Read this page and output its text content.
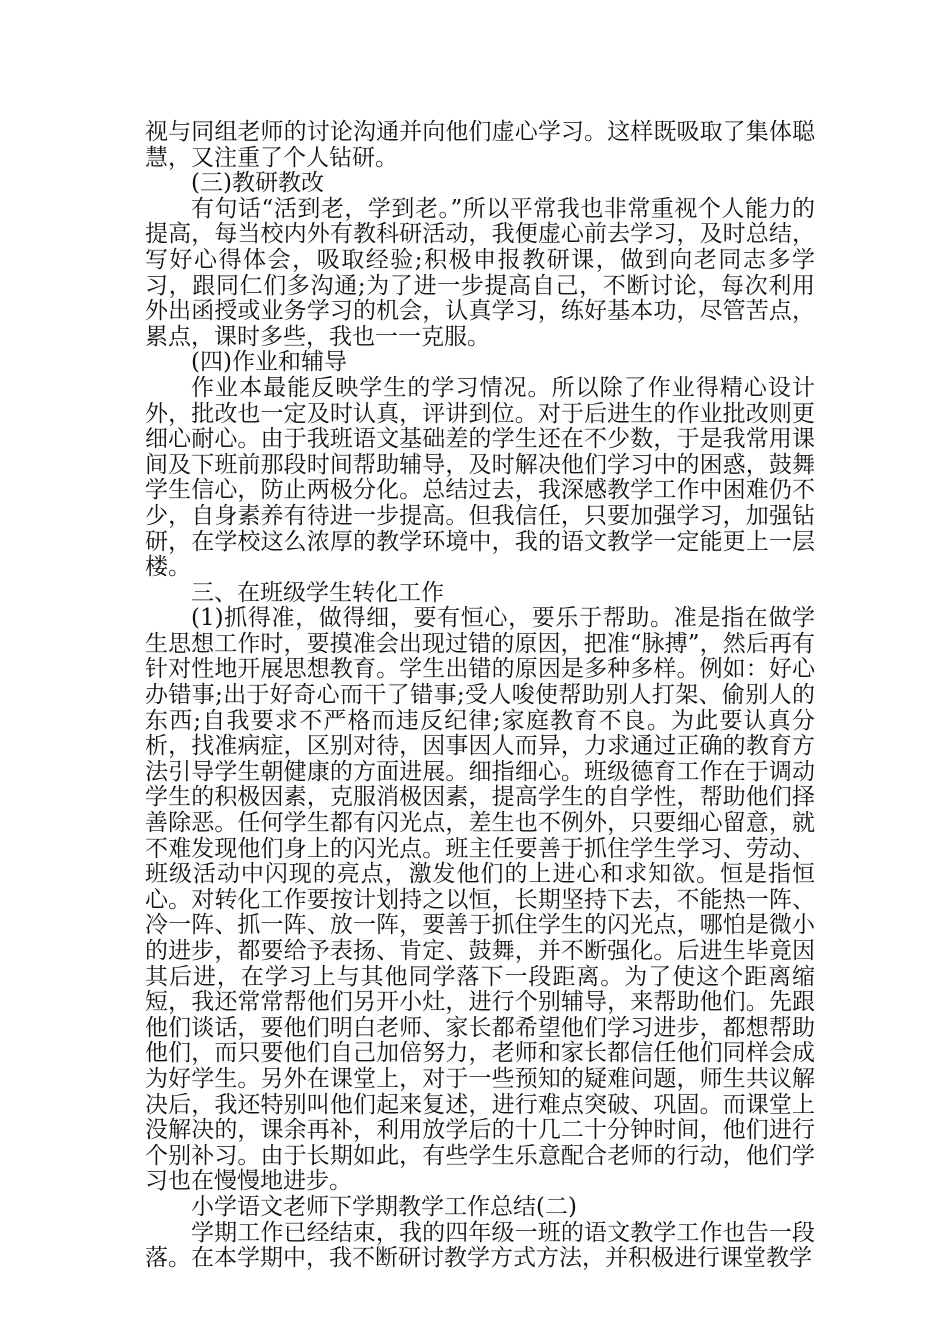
视与同组老师的讨论沟通并向他们虚心学习。这样既吸取了集体聪慧，又注重了个人钻研。

(三)教研教改

有句话“活到老，学到老。”所以平常我也非常重视个人能力的提高，每当校内外有教科研活动，我便虚心前去学习，及时总结，写好心得体会，吸取经验;积极申报教研课，做到向老同志多学习，跟同仁们多沟通;为了进一步提高自己，不断讨论，每次利用外出函授或业务学习的机会，认真学习，练好基本功，尽管苦点，累点，课时多些，我也一一克服。

(四)作业和辅导

作业本最能反映学生的学习情况。所以除了作业得精心设计外，批改也一定及时认真，评讲到位。对于后进生的作业批改则更细心耐心。由于我班语文基础差的学生还在不少数，于是我常用课间及下班前那段时间帮助辅导，及时解决他们学习中的困惑，鼓舞学生信心，防止两极分化。总结过去，我深感教学工作中困难仍不少，自身素养有待进一步提高。但我信任，只要加强学习，加强钻研，在学校这么浓厚的教学环境中，我的语文教学一定能更上一层楼。

三、在班级学生转化工作

(1)抓得准，做得细，要有恒心，要乐于帮助。准是指在做学生思想工作时，要摸准会出现过错的原因，把准“脉搏”，然后再有针对性地开展思想教育。学生出错的原因是多种多样。例如：好心办错事;出于好奇心而干了错事;受人唆使帮助别人打架、偷别人的东西;自我要求不严格而违反纪律;家庭教育不良。为此要认真分析，找准病症，区别对待，因事因人而异，力求通过正确的教育方法引导学生朝健康的方面进展。细指细心。班级德育工作在于调动学生的积极因素，克服消极因素，提高学生的自学性，帮助他们择善除恶。任何学生都有闪光点，差生也不例外，只要细心留意，就不难发现他们身上的闪光点。班主任要善于抓住学生学习、劳动、班级活动中闪现的亮点，激发他们的上进心和求知欲。恒是指恒心。对转化工作要按计划持之以恒，长期坚持下去，不能热一阵、冷一阵、抓一阵、放一阵，要善于抓住学生的闪光点，哪怕是微小的进步，都要给予表扬、肯定、鼓舞，并不断强化。后进生毕竟因其后进，在学习上与其他同学落下一段距离。为了使这个距离缩短，我还常常帮他们另开小灶，进行个别辅导，来帮助他们。先跟他们谈话，要他们明白老师、家长都希望他们学习进步，都想帮助他们，而只要他们自己加倍努力，老师和家长都信任他们同样会成为好学生。另外在课堂上，对于一些预知的疑难问题，师生共议解决后，我还特别叫他们起来复述，进行难点突破、巩固。而课堂上没解决的，课余再补，利用放学后的十几二十分钟时间，他们进行个别补习。由于长期如此，有些学生乐意配合老师的行动，他们学习也在慢慢地进步。

小学语文老师下学期教学工作总结(二)

学期工作已经结束，我的四年级一班的语文教学工作也告一段落。在本学期中，我不断研讨教学方式方法，并积极进行课堂教学
